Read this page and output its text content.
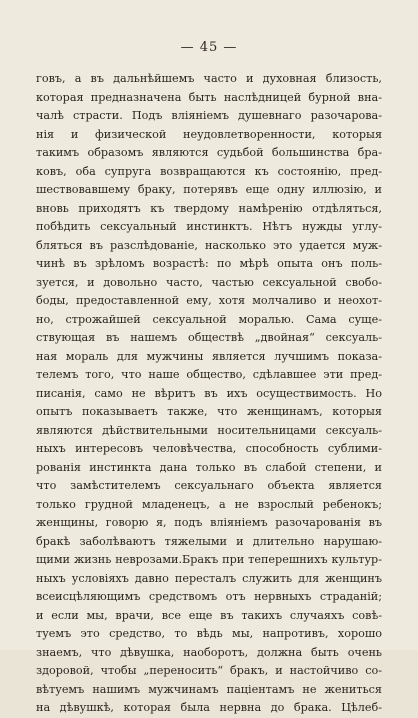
— 45 —
говъ, а въ дальнѣйшемъ часто и духовная близость,
которая предназначена быть наслѣдницей бурной вна-
чалѣ страсти. Подъ вліяніемъ душевнаго разочарова-
нія и физической неудовлетворенности, которыя
такимъ образомъ являются судьбой большинства бра-
ковъ, оба супруга возвращаются къ состоянію, пред-
шествовавшему браку, потерявъ еще одну иллюзію, и
вновь приходятъ къ твердому намѣренію отдѣляться,
побѣдить сексуальный инстинктъ. Нѣтъ нужды углу-
бляться въ разслѣдованіе, насколько это удается муж-
чинѣ въ зрѣломъ возрастѣ: по мѣрѣ опыта онъ поль-
зуется, и довольно часто, частью сексуальной свобо-
боды, предоставленной ему, хотя молчаливо и неохот-
но, строжайшей сексуальной моралью. Сама суще-
ствующая въ нашемъ обществѣ „двойная“ сексуаль-
ная мораль для мужчины является лучшимъ показа-
телемъ того, что наше общество, сдѣлавшее эти пред-
писанія, само не вѣритъ въ ихъ осуществимость. Но
опытъ показываетъ также, что женщинамъ, которыя
являются дѣйствительными носительницами сексуаль-
ныхъ интересовъ человѣчества, способность сублими-
рованія инстинкта дана только въ слабой степени, и
что замѣстителемъ сексуальнаго объекта является
только грудной младенецъ, а не взрослый ребенокъ;
женщины, говорю я, подъ вліяніемъ разочарованія въ
бракѣ заболѣваютъ тяжелыми и длительно нарушаю-
щими жизнь неврозами.Бракъ при теперешнихъ культур-
ныхъ условіяхъ давно пересталъ служить для женщинъ
всеисцѣляющимъ средствомъ отъ нервныхъ страданій;
и если мы, врачи, все еще въ такихъ случаяхъ совѣ-
туемъ это средство, то вѣдь мы, напротивъ, хорошо
знаемъ, что дѣвушка, наоборотъ, должна быть очень
здоровой, чтобы „переносить“ бракъ, и настойчиво со-
вѣтуемъ нашимъ мужчинамъ паціентамъ не жениться
на дѣвушкѣ, которая была нервна до брака. Цѣлеб-
